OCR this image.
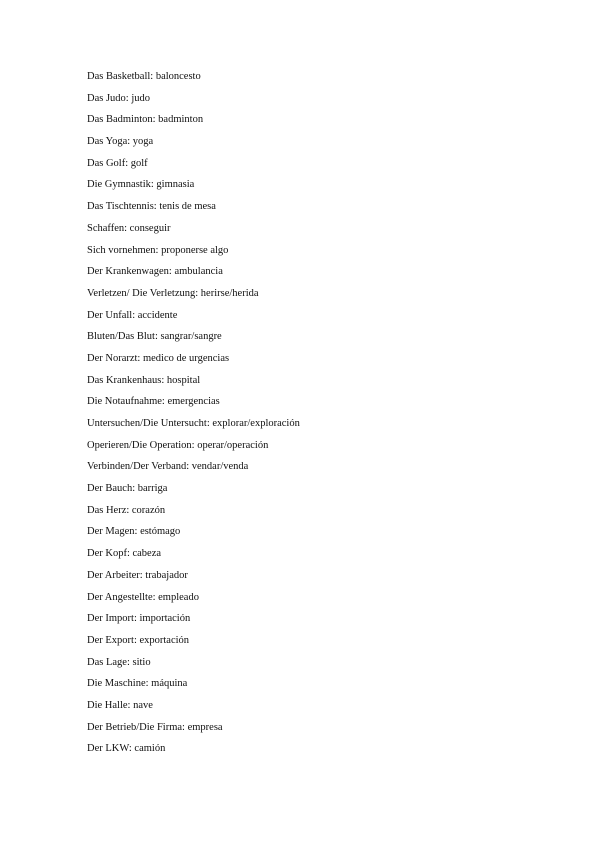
Das Basketball: baloncesto
Das Judo: judo
Das Badminton: badminton
Das Yoga: yoga
Das Golf: golf
Die Gymnastik: gimnasia
Das Tischtennis: tenis de mesa
Schaffen: conseguir
Sich vornehmen: proponerse algo
Der Krankenwagen: ambulancia
Verletzen/ Die Verletzung: herirse/herida
Der Unfall: accidente
Bluten/Das Blut: sangrar/sangre
Der Norarzt: medico de urgencias
Das Krankenhaus: hospital
Die Notaufnahme: emergencias
Untersuchen/Die Untersucht: explorar/exploración
Operieren/Die Operation: operar/operación
Verbinden/Der Verband: vendar/venda
Der Bauch: barriga
Das Herz: corazón
Der Magen: estómago
Der Kopf: cabeza
Der Arbeiter: trabajador
Der Angestellte: empleado
Der Import: importación
Der Export: exportación
Das Lage: sitio
Die Maschine: máquina
Die Halle: nave
Der Betrieb/Die Firma: empresa
Der LKW: camión
